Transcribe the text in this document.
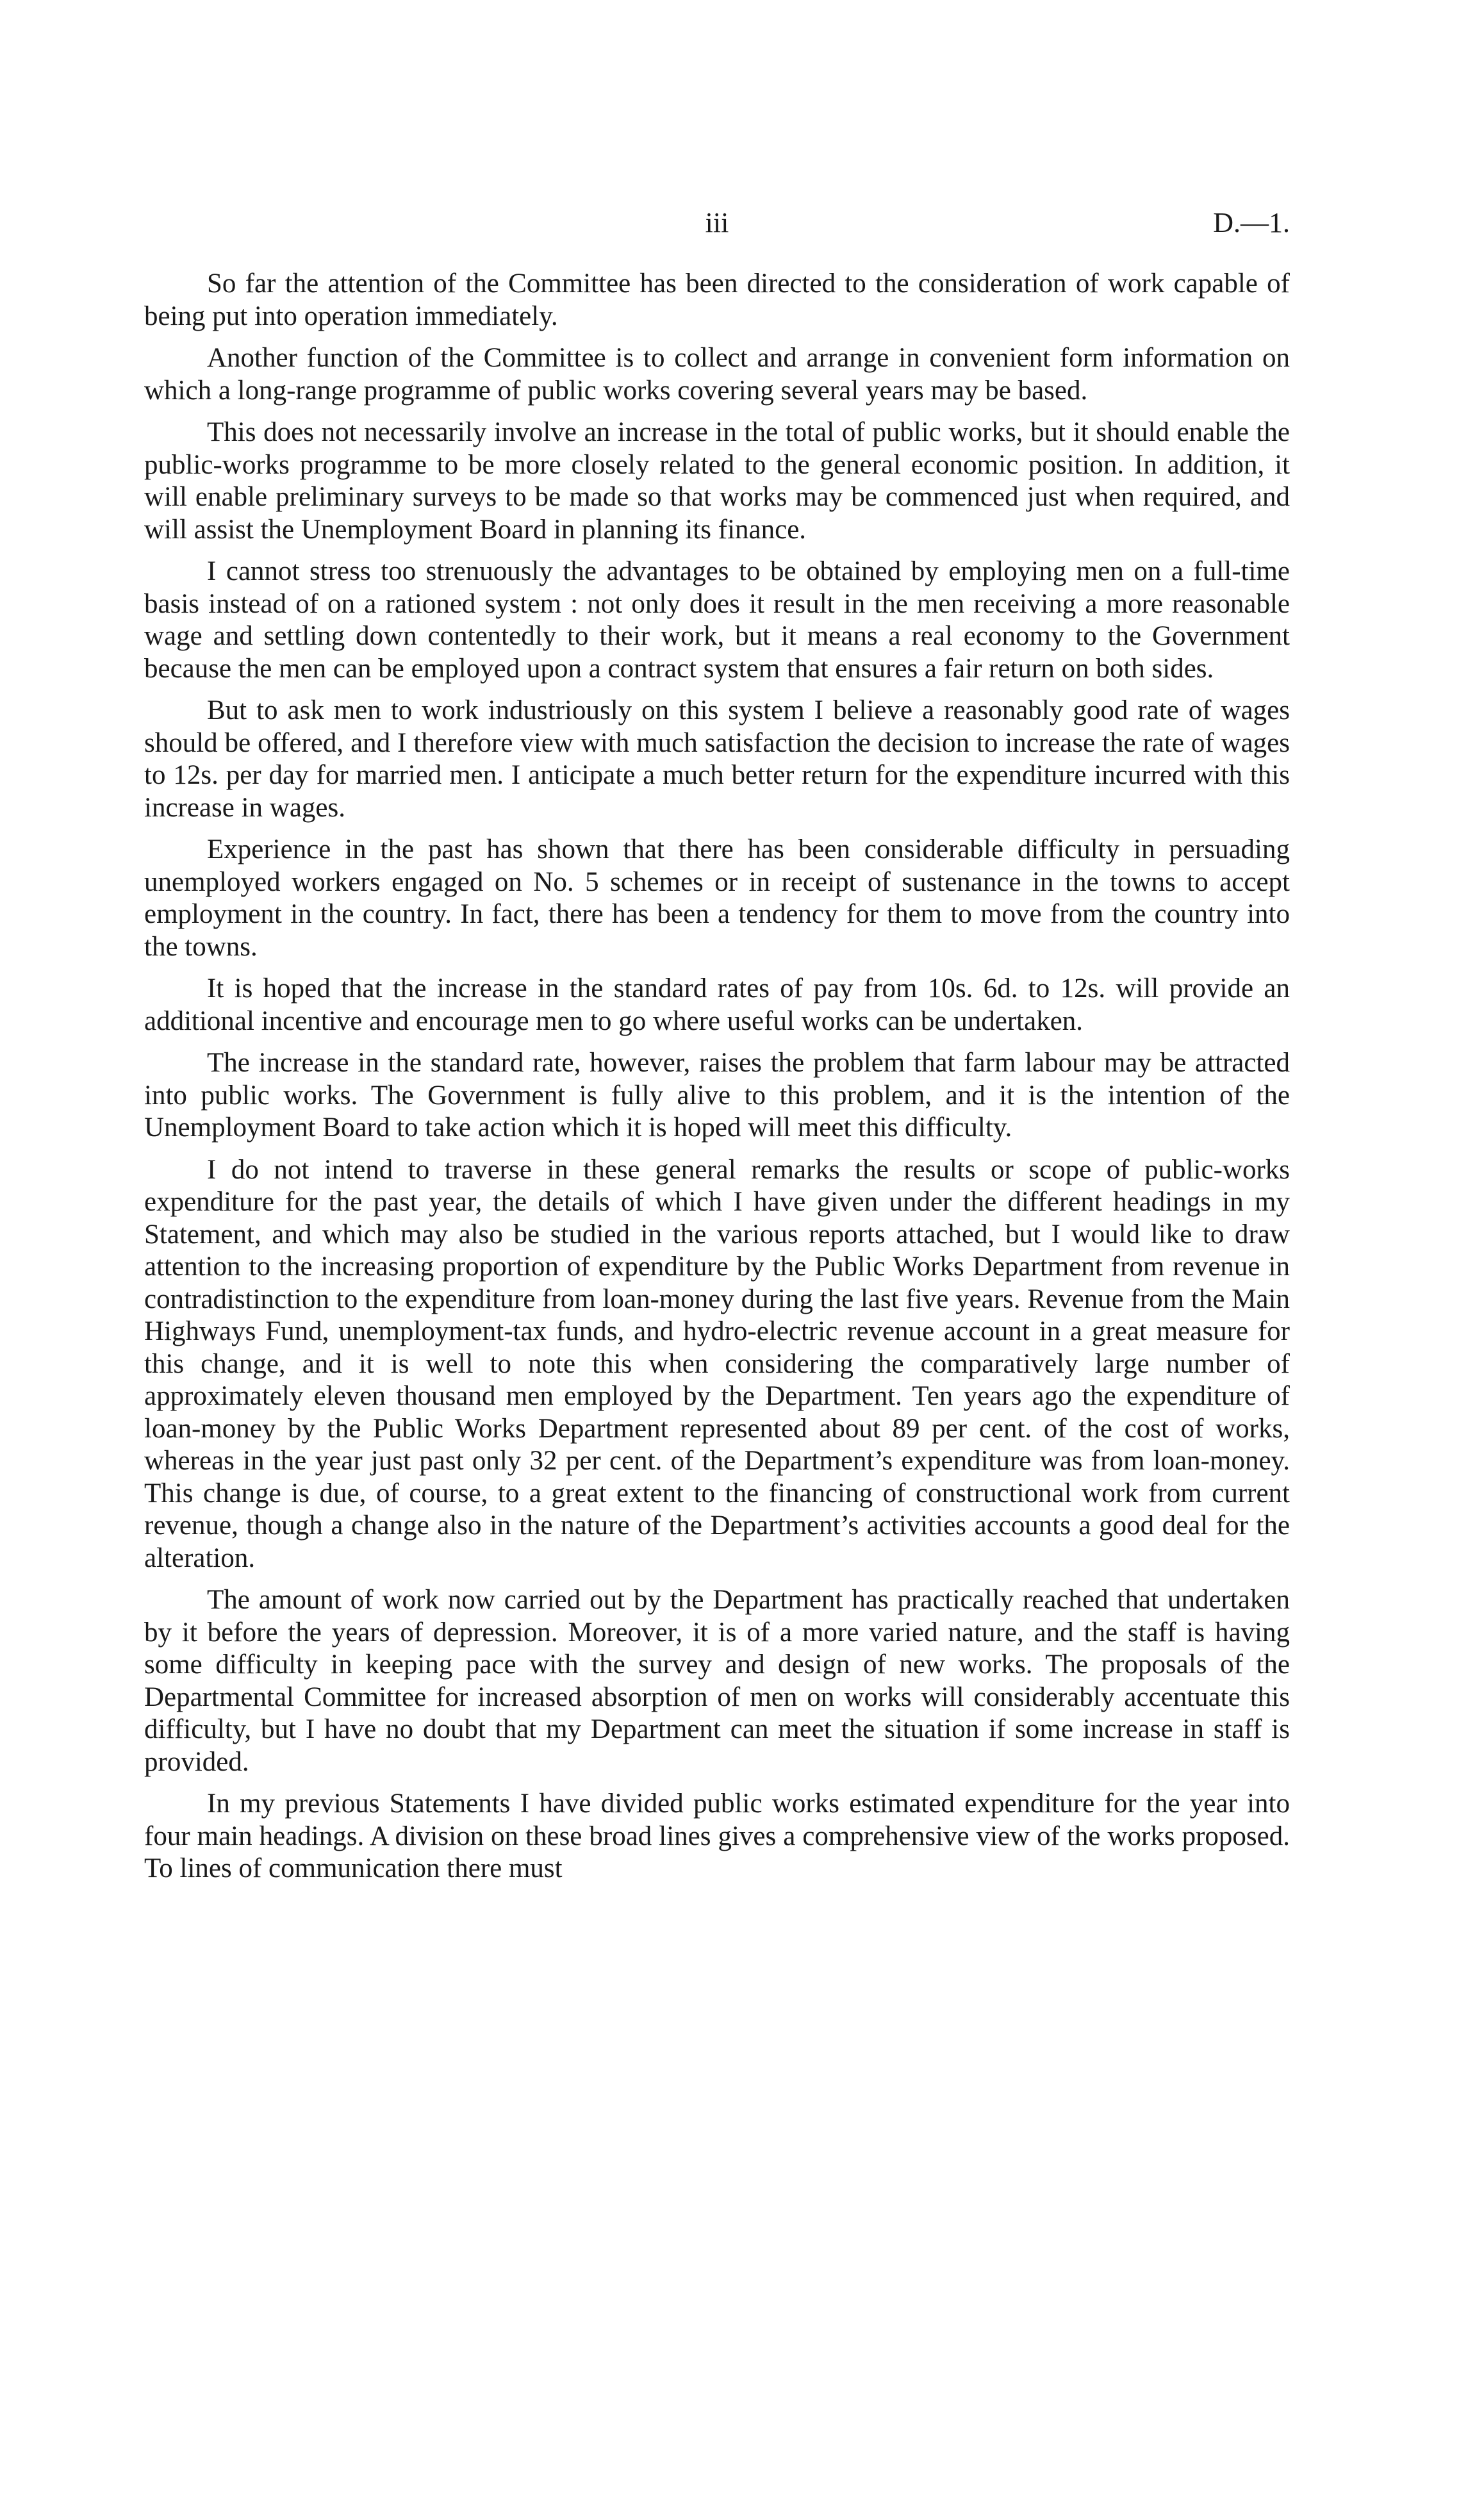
iii	D.—1.

So far the attention of the Committee has been directed to the consideration of work capable of being put into operation immediately.

Another function of the Committee is to collect and arrange in convenient form information on which a long-range programme of public works covering several years may be based.

This does not necessarily involve an increase in the total of public works, but it should enable the public-works programme to be more closely related to the general economic position. In addition, it will enable preliminary surveys to be made so that works may be commenced just when required, and will assist the Unemployment Board in planning its finance.

I cannot stress too strenuously the advantages to be obtained by employing men on a full-time basis instead of on a rationed system : not only does it result in the men receiving a more reasonable wage and settling down contentedly to their work, but it means a real economy to the Government because the men can be employed upon a contract system that ensures a fair return on both sides.

But to ask men to work industriously on this system I believe a reasonably good rate of wages should be offered, and I therefore view with much satisfaction the decision to increase the rate of wages to 12s. per day for married men. I anticipate a much better return for the expenditure incurred with this increase in wages.

Experience in the past has shown that there has been considerable difficulty in persuading unemployed workers engaged on No. 5 schemes or in receipt of sustenance in the towns to accept employment in the country. In fact, there has been a tendency for them to move from the country into the towns.

It is hoped that the increase in the standard rates of pay from 10s. 6d. to 12s. will provide an additional incentive and encourage men to go where useful works can be undertaken.

The increase in the standard rate, however, raises the problem that farm labour may be attracted into public works. The Government is fully alive to this problem, and it is the intention of the Unemployment Board to take action which it is hoped will meet this difficulty.

I do not intend to traverse in these general remarks the results or scope of public-works expenditure for the past year, the details of which I have given under the different headings in my Statement, and which may also be studied in the various reports attached, but I would like to draw attention to the increasing proportion of expenditure by the Public Works Department from revenue in contradistinction to the expenditure from loan-money during the last five years. Revenue from the Main Highways Fund, unemployment-tax funds, and hydro-electric revenue account in a great measure for this change, and it is well to note this when considering the comparatively large number of approximately eleven thousand men employed by the Department. Ten years ago the expenditure of loan-money by the Public Works Department represented about 89 per cent. of the cost of works, whereas in the year just past only 32 per cent. of the Department’s expenditure was from loan-money. This change is due, of course, to a great extent to the financing of constructional work from current revenue, though a change also in the nature of the Department’s activities accounts a good deal for the alteration.

The amount of work now carried out by the Department has practically reached that undertaken by it before the years of depression. Moreover, it is of a more varied nature, and the staff is having some difficulty in keeping pace with the survey and design of new works. The proposals of the Departmental Committee for increased absorption of men on works will considerably accentuate this difficulty, but I have no doubt that my Department can meet the situation if some increase in staff is provided.

In my previous Statements I have divided public works estimated expenditure for the year into four main headings. A division on these broad lines gives a comprehensive view of the works proposed. To lines of communication there must
